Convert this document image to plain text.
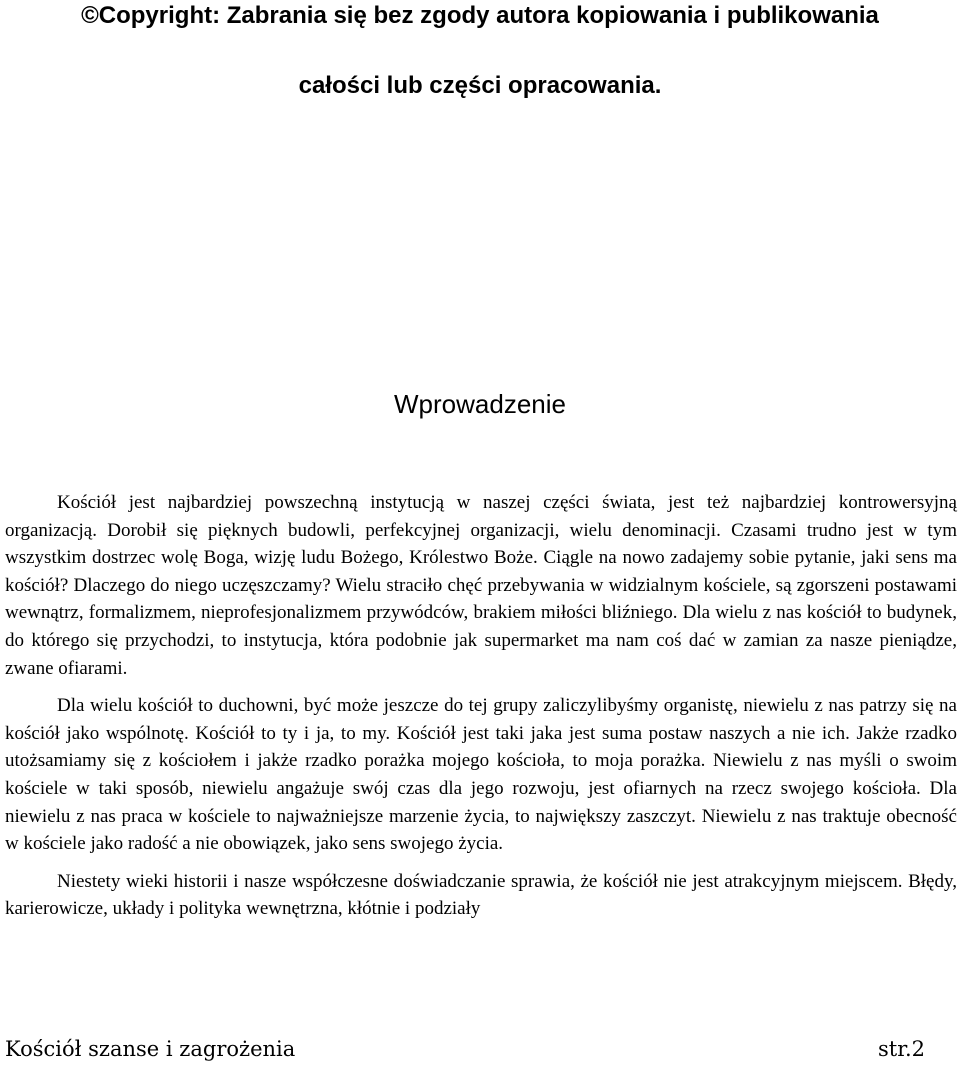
©Copyright: Zabrania się bez zgody autora kopiowania i publikowania
całości lub części opracowania.
Wprowadzenie

Kościół jest najbardziej powszechną instytucją w naszej części świata, jest też najbardziej kontrowersyjną organizacją. Dorobił się pięknych budowli, perfekcyjnej organizacji, wielu denominacji. Czasami trudno jest w tym wszystkim dostrzec wolę Boga, wizję ludu Bożego, Królestwo Boże. Ciągle na nowo zadajemy sobie pytanie, jaki sens ma kościół? Dlaczego do niego uczęszczamy? Wielu straciło chęć przebywania w widzialnym kościele, są zgorszeni postawami wewnątrz, formalizmem, nieprofesjonalizmem przywódców, brakiem miłości bliźniego. Dla wielu z nas kościół to budynek, do którego się przychodzi, to instytucja, która podobnie jak supermarket ma nam coś dać w zamian za nasze pieniądze, zwane ofiarami.

Dla wielu kościół to duchowni, być może jeszcze do tej grupy zaliczylibyśmy organistę, niewielu z nas patrzy się na kościół jako wspólnotę. Kościół to ty i ja, to my. Kościół jest taki jaka jest suma postaw naszych a nie ich. Jakże rzadko utożsamiamy się z kościołem i jakże rzadko porażka mojego kościoła, to moja porażka. Niewielu z nas myśli o swoim kościele w taki sposób, niewielu angażuje swój czas dla jego rozwoju, jest ofiarnych na rzecz swojego kościoła. Dla niewielu z nas praca w kościele to najważniejsze marzenie życia, to największy zaszczyt. Niewielu z nas traktuje obecność w kościele jako radość a nie obowiązek, jako sens swojego życia.

Niestety wieki historii i nasze współczesne doświadczanie sprawia, że kościół nie jest atrakcyjnym miejscem. Błędy, karierowicze, układy i polityka wewnętrzna, kłótnie i podziały

Kościół szanse i zagrożenia	str.2
